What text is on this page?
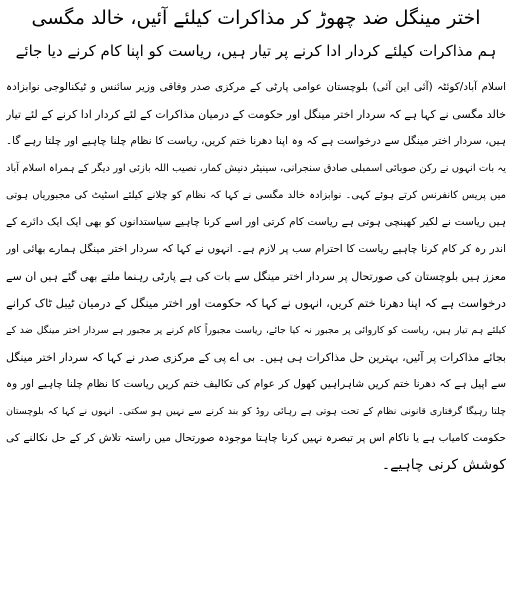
اختر مینگل ضد چھوڑ کر مذاکرات کیلئے آئیں، خالد مگسی
ہم مذاکرات کیلئے کردار ادا کرنے پر تیار ہیں، ریاست کو اپنا کام کرنے دیا جائے
اسلام آباد/کوئٹہ (آئی این آئی) بلوچستان عوامی پارٹی کے مرکزی صدر وفاقی وزیر سائنس و ٹیکنالوجی نوابزادہ
خالد مگسی نے کہا ہے کہ سردار اختر مینگل اور حکومت کے درمیان مذاکرات کے لئے کردار ادا کرنے کے لئے تیار
ہیں، سردار اختر مینگل سے درخواست ہے کہ وہ اپنا دھرنا ختم کریں، ریاست کا نظام چلنا چاہیے اور چلتا رہے گا۔
یہ بات انہوں نے رکن صوبائی اسمبلی صادق سنجرانی، سینیٹر دنیش کمار، نصیب اللہ بازئی اور دیگر کے ہمراہ اسلام آباد
میں پریس کانفرنس کرتے ہوئے کہی۔ نوابزادہ خالد مگسی نے کہا کہ نظام کو چلانے کیلئے اسٹیٹ کی مجبوریاں ہوتی
ہیں ریاست نے لکیر کھینچی ہوتی ہے ریاست کام کرتی اور اسے کرنا چاہیے سیاستدانوں کو بھی ایک ایک دائرے کے
اندر رہ کر کام کرنا چاہیے ریاست کا احترام سب پر لازم ہے۔ انہوں نے کہا کہ سردار اختر مینگل ہمارے بھائی اور
معزز ہیں بلوچستان کی صورتحال پر سردار اختر مینگل سے بات کی ہے پارٹی رہنما ملتے بھی گئے ہیں ان سے
درخواست ہے کہ اپنا دھرنا ختم کریں، انہوں نے کہا کہ حکومت اور اختر مینگل کے درمیان ٹیبل ٹاک کرانے
کیلئے ہم تیار ہیں، ریاست کو کاروائی پر مجبور نہ کیا جائے، ریاست مجبوراً کام کرنے پر مجبور ہے سردار اختر مینگل ضد کے
بجائے مذاکرات پر آئیں، بہترین حل مذاکرات ہی ہیں۔ بی اے پی کے مرکزی صدر نے کہا کہ سردار اختر مینگل
سے اپیل ہے کہ دھرنا ختم کریں شاہراہیں کھول کر عوام کی تکالیف ختم کریں ریاست کا نظام چلنا چاہیے اور وہ
چلتا رہیگا گرفتاری قانونی نظام کے تحت ہوتی ہے رہائی روڈ کو بند کرنے سے نہیں ہو سکتی۔ انہوں نے کہا کہ بلوچستان
حکومت کامیاب ہے یا ناکام اس پر تبصرہ نہیں کرنا چاہتا موجودہ صورتحال میں راستہ تلاش کر کے حل نکالنے کی
کوشش کرنی چاہیے۔
